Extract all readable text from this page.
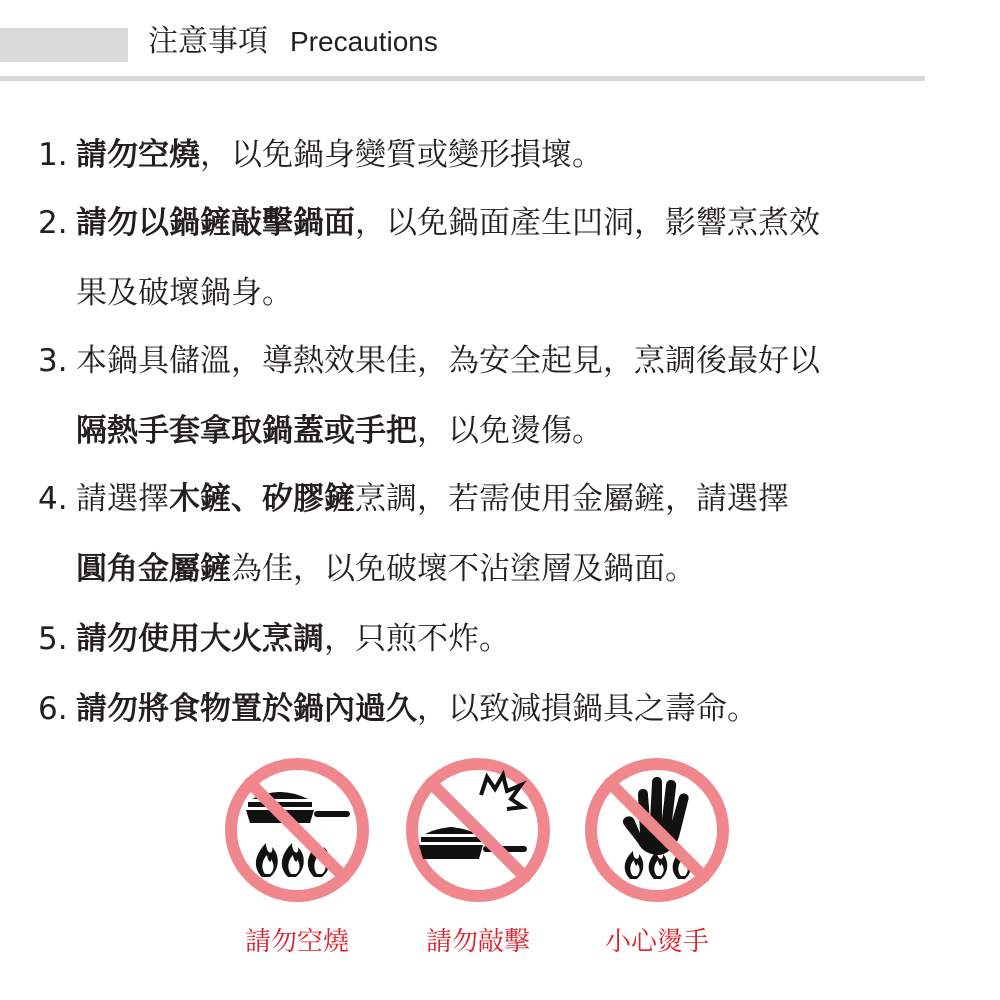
注意事項 Precautions
1. 請勿空燒，以免鍋身變質或變形損壞。
2. 請勿以鍋鏟敲擊鍋面，以免鍋面產生凹洞，影響烹煮效
果及破壞鍋身。
3. 本鍋具儲溫，導熱效果佳，為安全起見，烹調後最好以
隔熱手套拿取鍋蓋或手把，以免燙傷。
4. 請選擇木鏟、矽膠鏟烹調，若需使用金屬鏟，請選擇
圓角金屬鏟為佳，以免破壞不沾塗層及鍋面。
5. 請勿使用大火烹調，只煎不炸。
6. 請勿將食物置於鍋內過久，以致減損鍋具之壽命。
請勿空燒	請勿敲擊	小心燙手
